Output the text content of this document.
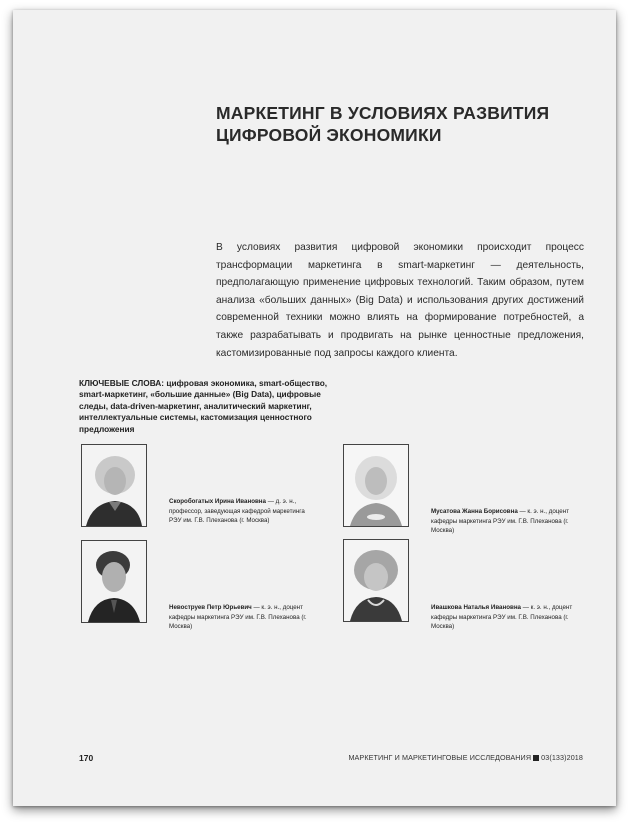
МАРКЕТИНГ В УСЛОВИЯХ РАЗВИТИЯ
ЦИФРОВОЙ ЭКОНОМИКИ
В условиях развития цифровой экономики происходит процесс трансформации маркетинга в smart-маркетинг — деятельность, предполагающую применение цифровых технологий. Таким образом, путем анализа «больших данных» (Big Data) и использования других достижений современной техники можно влиять на формирование потребностей, а также разрабатывать и продвигать на рынке ценностные предложения, кастомизированные под запросы каждого клиента.
КЛЮЧЕВЫЕ СЛОВА: цифровая экономика, smart-общество, smart-маркетинг, «большие данные» (Big Data), цифровые следы, data-driven-маркетинг, аналитический маркетинг, интеллектуальные системы, кастомизация ценностного предложения
Скоробогатых Ирина Ивановна — д. э. н., профессор, заведующая кафедрой маркетинга РЭУ им. Г.В. Плеханова (г. Москва)
Мусатова Жанна Борисовна — к. э. н., доцент кафедры маркетинга РЭУ им. Г.В. Плеханова (г. Москва)
Невоструев Петр Юрьевич — к. э. н., доцент кафедры маркетинга РЭУ им. Г.В. Плеханова (г. Москва)
Ивашкова Наталья Ивановна — к. э. н., доцент кафедры маркетинга РЭУ им. Г.В. Плеханова (г. Москва)
170	МАРКЕТИНГ И МАРКЕТИНГОВЫЕ ИССЛЕДОВАНИЯ 03(133)2018
